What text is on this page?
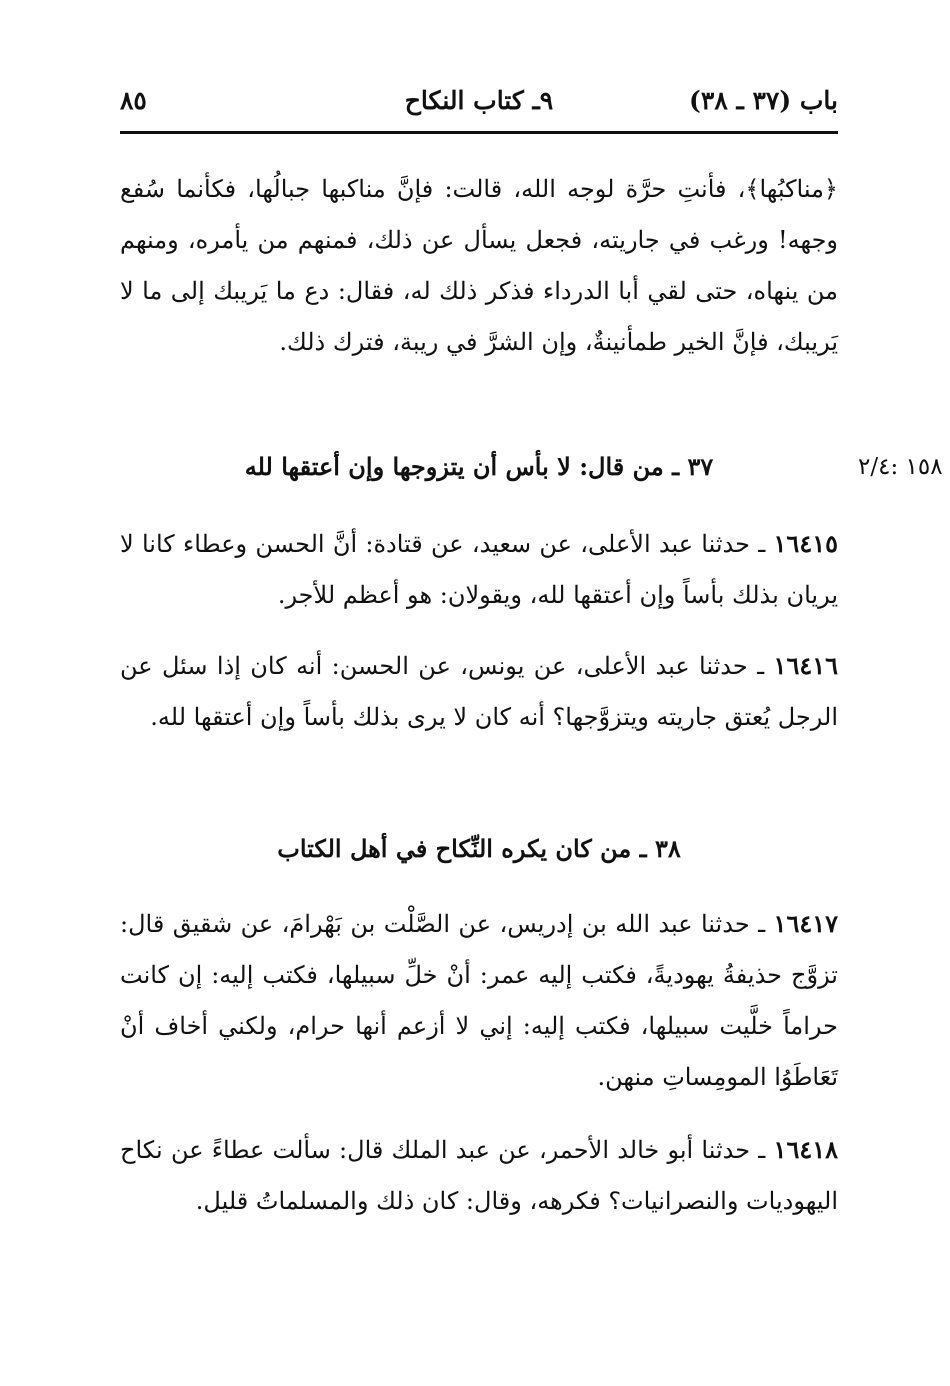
باب (٣٧ ـ ٣٨)
٩ـ كتاب النكاح
٨٥

﴿مناكبُها﴾، فأنتِ حرَّة لوجه الله، قالت: فإنَّ مناكبها جبالُها، فكأنما سُفع وجهه! ورغب في جاريته، فجعل يسأل عن ذلك، فمنهم من يأمره، ومنهم من ينهاه، حتى لقي أبا الدرداء فذكر ذلك له، فقال: دع ما يَريبك إلى ما لا يَريبك، فإنَّ الخير طمأنينةٌ، وإن الشرَّ في ريبة، فترك ذلك.

٣٧ ـ من قال: لا بأس أن يتزوجها وإن أعتقها لله	١٥٨ :٢/٤

١٦٤١٥ ـ حدثنا عبد الأعلى، عن سعيد، عن قتادة: أنَّ الحسن وعطاء كانا لا يريان بذلك بأساً وإن أعتقها لله، ويقولان: هو أعظم للأجر.

١٦٤١٦ ـ حدثنا عبد الأعلى، عن يونس، عن الحسن: أنه كان إذا سئل عن الرجل يُعتق جاريته ويتزوَّجها؟ أنه كان لا يرى بذلك بأساً وإن أعتقها لله.

٣٨ ـ من كان يكره النِّكاح في أهل الكتاب

١٦٤١٧ ـ حدثنا عبد الله بن إدريس، عن الصَّلْت بن بَهْرامَ، عن شقيق قال: تزوَّج حذيفةُ يهوديةً، فكتب إليه عمر: أنْ خلِّ سبيلها، فكتب إليه: إن كانت حراماً خلَّيت سبيلها، فكتب إليه: إني لا أزعم أنها حرام، ولكني أخاف أنْ تَعَاطَوُا المومِساتِ منهن.

١٦٤١٨ ـ حدثنا أبو خالد الأحمر، عن عبد الملك قال: سألت عطاءً عن نكاح اليهوديات والنصرانيات؟ فكرهه، وقال: كان ذلك والمسلماتُ قليل.
